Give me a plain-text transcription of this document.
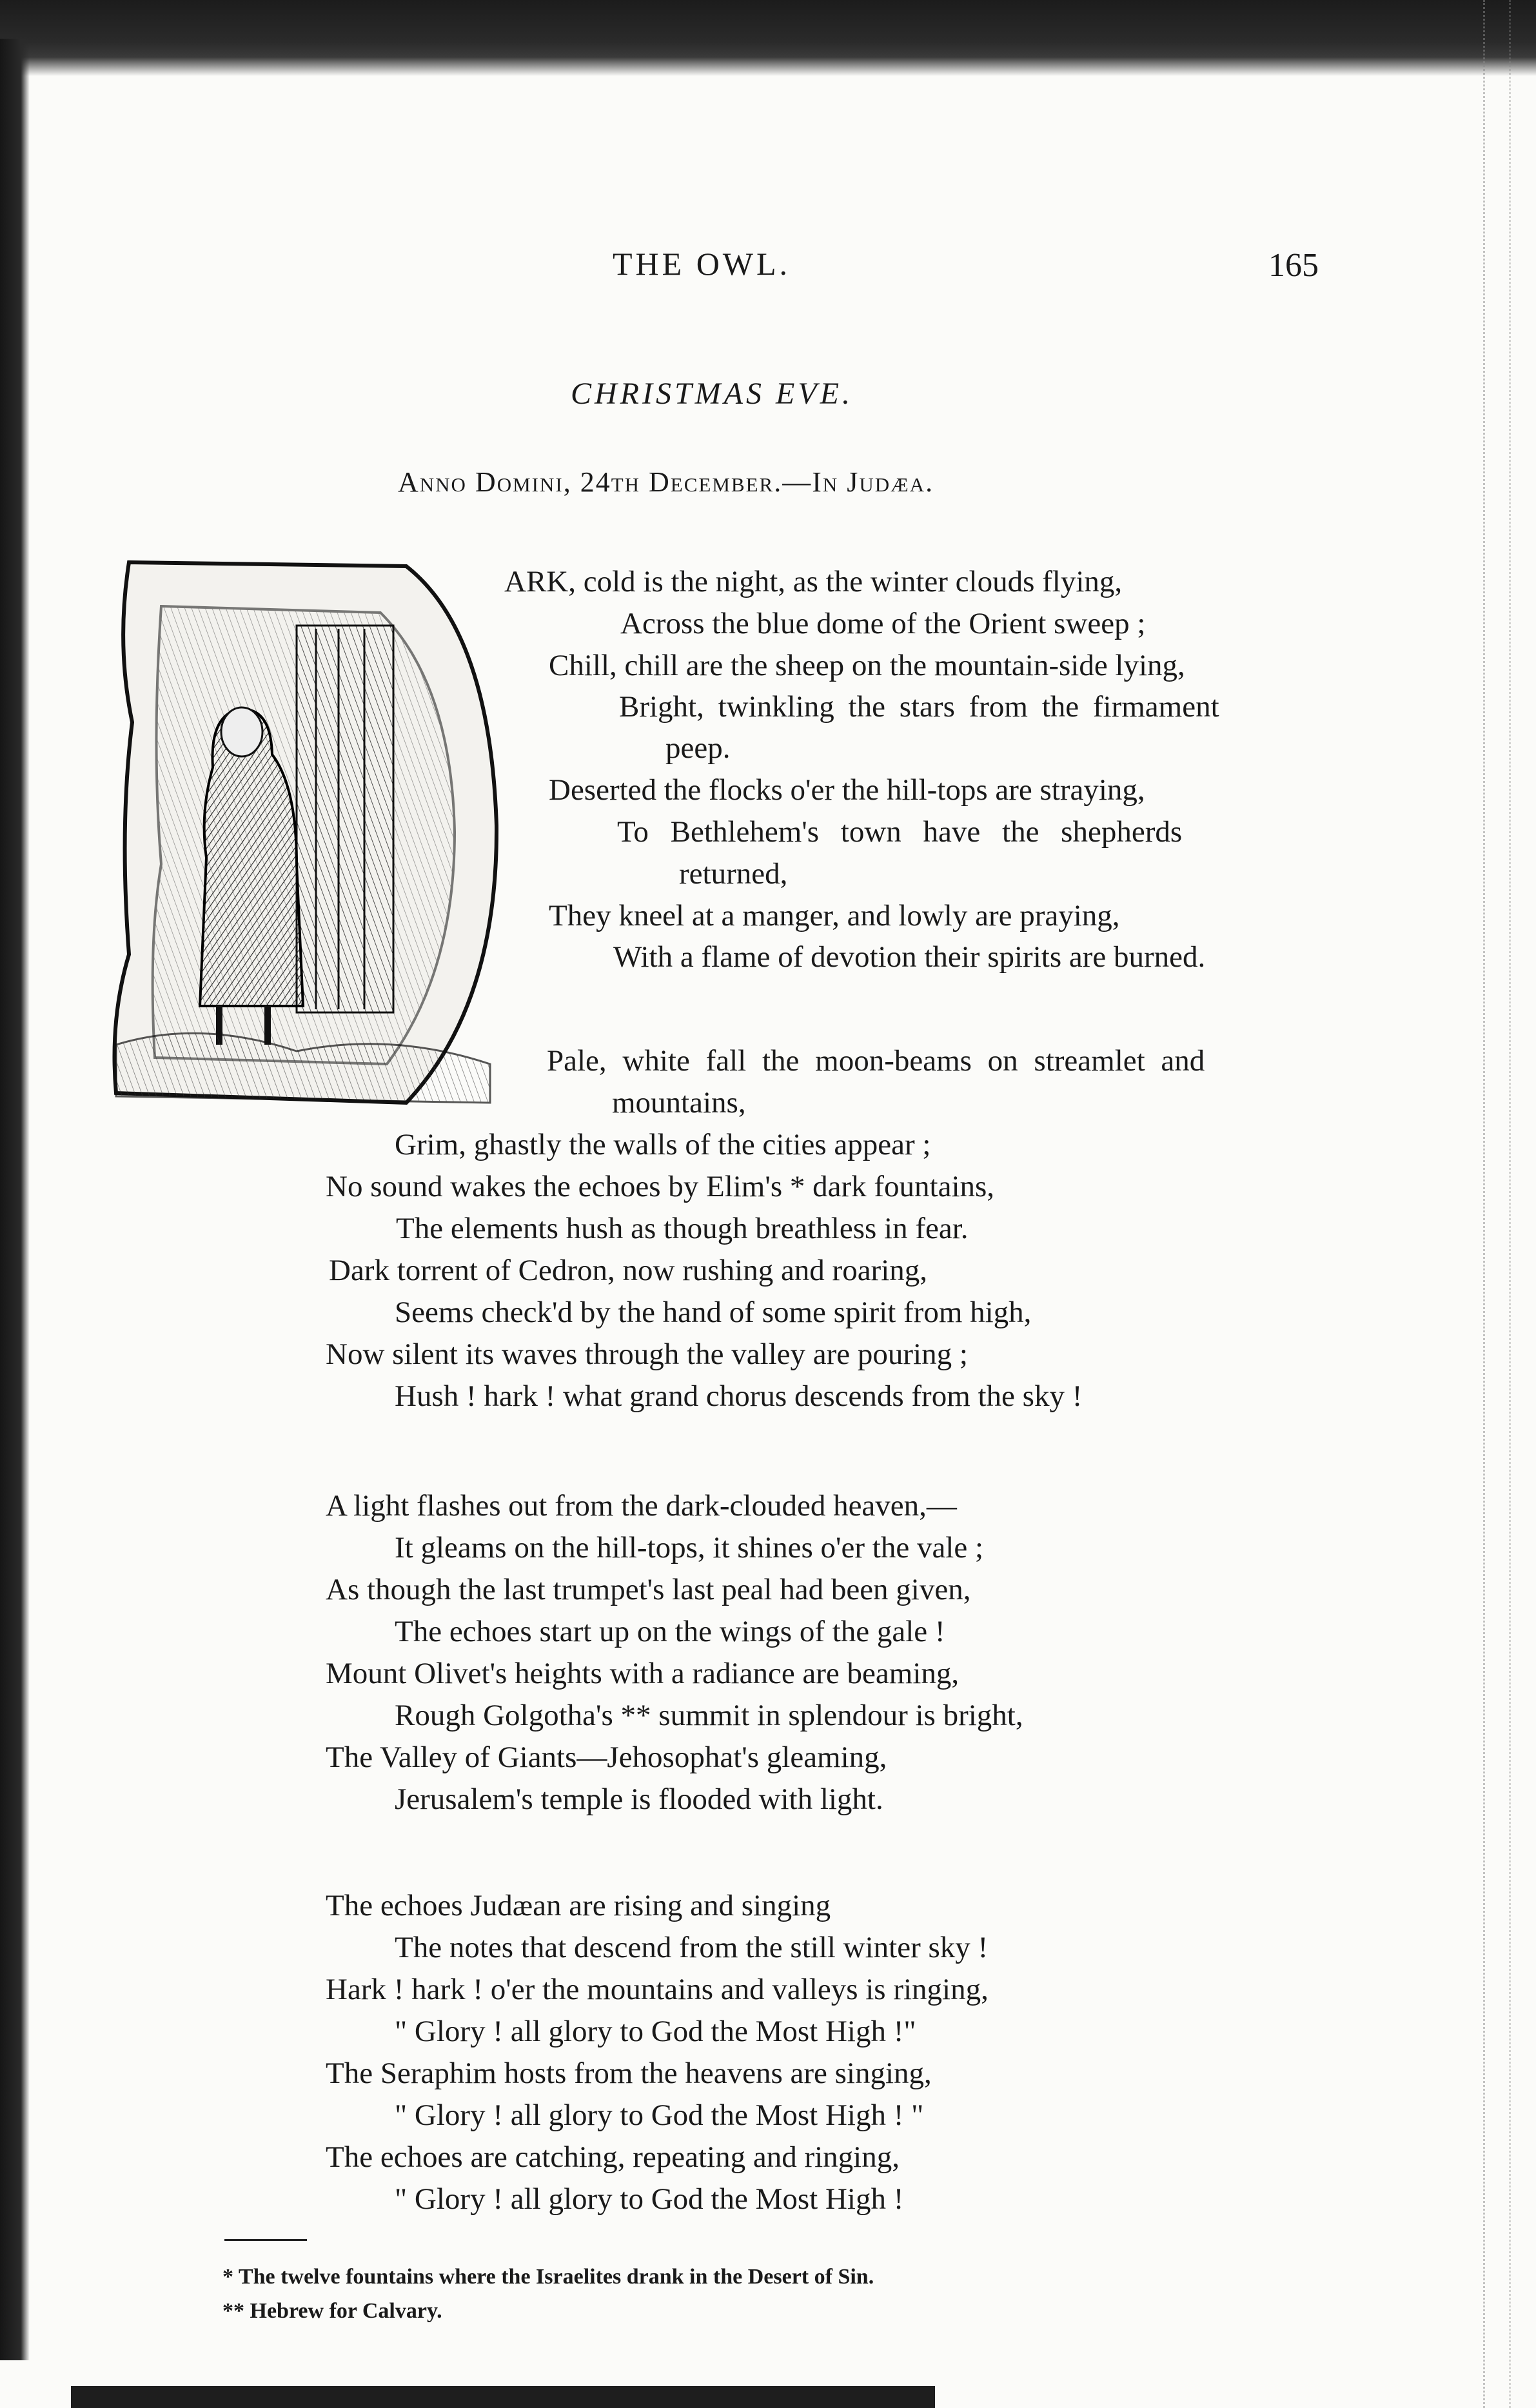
THE OWL.	165
CHRISTMAS EVE.
Anno Domini, 24th December.—In Judæa.
ARK, cold is the night, as the winter clouds flying,
Across the blue dome of the Orient sweep ;
Chill, chill are the sheep on the mountain-side lying,
Bright, twinkling the stars from the firmament
peep.
Deserted the flocks o'er the hill-tops are straying,
To Bethlehem's town have the shepherds
returned,
They kneel at a manger, and lowly are praying,
With a flame of devotion their spirits are burned.
Pale, white fall the moon-beams on streamlet and
mountains,
Grim, ghastly the walls of the cities appear ;
No sound wakes the echoes by Elim's * dark fountains,
The elements hush as though breathless in fear.
Dark torrent of Cedron, now rushing and roaring,
Seems check'd by the hand of some spirit from high,
Now silent its waves through the valley are pouring ;
Hush ! hark ! what grand chorus descends from the sky !
A light flashes out from the dark-clouded heaven,—
It gleams on the hill-tops, it shines o'er the vale ;
As though the last trumpet's last peal had been given,
The echoes start up on the wings of the gale !
Mount Olivet's heights with a radiance are beaming,
Rough Golgotha's ** summit in splendour is bright,
The Valley of Giants—Jehosophat's gleaming,
Jerusalem's temple is flooded with light.
The echoes Judæan are rising and singing
The notes that descend from the still winter sky !
Hark ! hark ! o'er the mountains and valleys is ringing,
" Glory ! all glory to God the Most High !"
The Seraphim hosts from the heavens are singing,
" Glory ! all glory to God the Most High ! "
The echoes are catching, repeating and ringing,
" Glory ! all glory to God the Most High !
* The twelve fountains where the Israelites drank in the Desert of Sin.
** Hebrew for Calvary.
